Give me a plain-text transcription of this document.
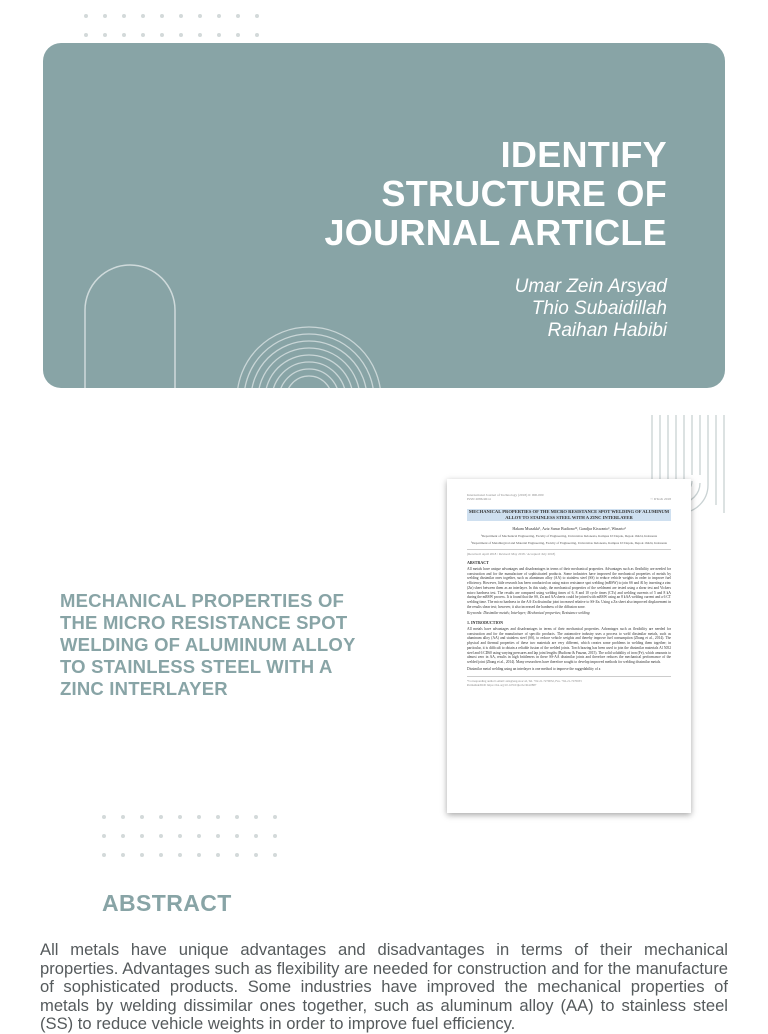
IDENTIFY
STRUCTURE OF
JOURNAL ARTICLE
Umar Zein Arsyad
Thio Subaidillah
Raihan Habibi
MECHANICAL PROPERTIES OF THE MICRO RESISTANCE SPOT WELDING OF ALUMINUM ALLOY TO STAINLESS STEEL WITH A ZINC INTERLAYER
International Journal of Technology (2018) 6: 000-000
ISSN 2086-9614	© IJTech 2018
MECHANICAL PROPERTIES OF THE MICRO RESISTANCE SPOT WELDING OF ALUMINUM ALLOY TO STAINLESS STEEL WITH A ZINC INTERLAYER
Hakam Muzakki¹, Aziz Sanur Budiono¹², Gandjar Kiswanto¹, Winarto²
¹Department of Mechanical Engineering, Faculty of Engineering, Universitas Indonesia, Kampus UI Depok, Depok 16424, Indonesia
²Department of Metallurgical and Material Engineering, Faculty of Engineering, Universitas Indonesia, Kampus UI Depok, Depok 16424, Indonesia
(Received: April 2018 / Revised: May 2018 / Accepted: July 2018)
ABSTRACT
All metals have unique advantages and disadvantages in terms of their mechanical properties. Advantages such as flexibility are needed for construction and for the manufacture of sophisticated products. Some industries have improved the mechanical properties of metals by welding dissimilar ones together, such as aluminum alloy (AA) to stainless steel (SS) to reduce vehicle weights in order to improve fuel efficiency. However, little research has been conducted on using micro resistance spot welding (mRSW) to join SS and Al by inserting a zinc (Zn) sheet between them as an interlayer. In this study, the mechanical properties of the weldment are tested using a shear test and Vickers micro hardness test. The results are compared using welding times of 6, 8 and 10 cycle times (CTs) and welding currents of 5 and 8 kA during the mRSW process. It is found that the SS, Zn and AA sheets could be joined with mRSW using an 8 kAA welding current and a 6 CT welding time. The micro hardness in the AA-Zn dissimilar joint increased relative to SS-Zn. Using a Zn sheet also improved displacement in the results shear test; however, it also increased the hardness of the diffusion zone.
Keywords: Dissimilar metals; Interlayer; Mechanical properties; Resistance welding
1. INTRODUCTION
All metals have advantages and disadvantages in terms of their mechanical properties. Advantages such as flexibility are needed for construction and for the manufacture of specific products. The automotive industry uses a process to weld dissimilar metals, such as aluminum alloy (AA) and stainless steel (SS), to reduce vehicle weights and thereby improve fuel consumption (Zhang et al., 2014). The physical and thermal properties of these two materials are very different, which creates some problems in welding them together; in particular, it is difficult to obtain a reliable fusion of the welded joints. Torch brazing has been used to join the dissimilar materials Al 5052 steel and 6 CD60 using varying pressures and lap joint lengths (Budiono & Fauzan, 2015). The solid solubility of iron (Fe), which amounts to almost zero in AA, results in high brittleness in these SS-AA dissimilar joints and therefore reduces the mechanical performance of the welded joint (Zhang et al., 2014). Many researchers have therefore sought to develop improved methods for welding dissimilar metals.
Dissimilar metal welding using an interlayer is one method to improve the ruggedability of a
*Corresponding author's email: aziz@eng.ui.ac.id, Tel. +62-21-7270032, Fax. +62-21-7270033
Permalink/DOI: https://doi.org/10.14716/ijtech.v9i4.0887
ABSTRACT
All metals have unique advantages and disadvantages in terms of their mechanical properties. Advantages such as flexibility are needed for construction and for the manufacture of sophisticated products. Some industries have improved the mechanical properties of metals by welding dissimilar ones together, such as aluminum alloy (AA) to stainless steel (SS) to reduce vehicle weights in order to improve fuel efficiency.
